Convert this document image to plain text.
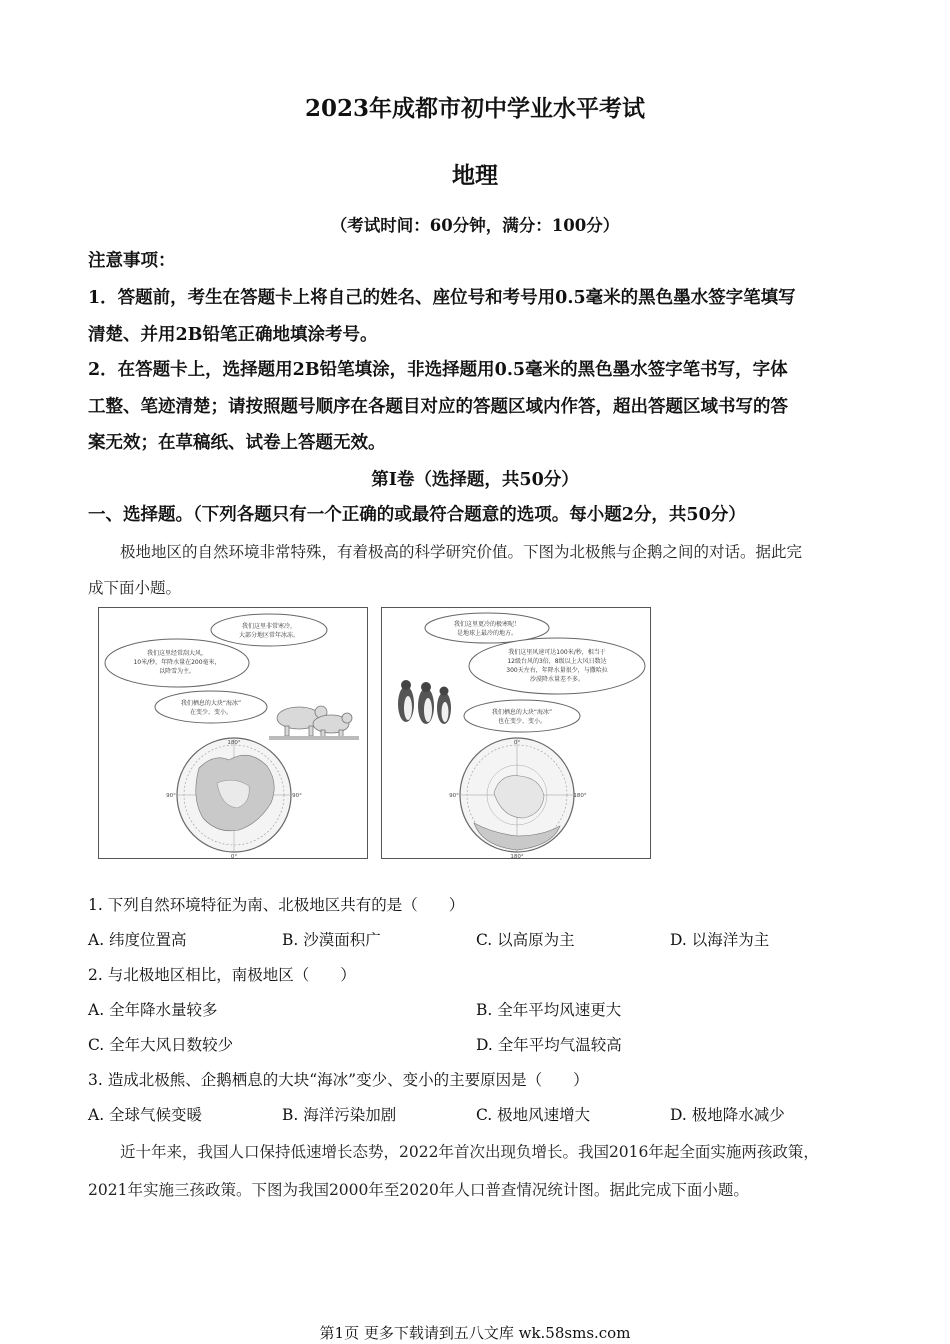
2023年成都市初中学业水平考试
地理
（考试时间：60分钟，满分：100分）
注意事项：
1．答题前，考生在答题卡上将自己的姓名、座位号和考号用0.5毫米的黑色墨水签字笔填写
清楚、并用2B铅笔正确地填涂考号。
2．在答题卡上，选择题用2B铅笔填涂，非选择题用0.5毫米的黑色墨水签字笔书写，字体
工整、笔迹清楚；请按照题号顺序在各题目对应的答题区域内作答，超出答题区域书写的答
案无效；在草稿纸、试卷上答题无效。
第Ⅰ卷（选择题，共50分）
一、选择题。（下列各题只有一个正确的或最符合题意的选项。每小题2分，共50分）
极地地区的自然环境非常特殊，有着极高的科学研究价值。下图为北极熊与企鹅之间的对话。据此完
成下面小题。
我们这里非常寒冷，
大部分地区常年冰冻。
我们这里经常刮大风，
10米/秒，年降水量在200毫米，
以降雪为主。
我们栖息的大块“海冰”
在变少、变小。
180°
90°	90°
0°
我们这里更冷的极寒呢！
是地球上最冷的地方。
我们这里风速可达100米/秒，相当于
12级台风的3倍，8级以上大风日数达
300天左右，年降水量很少，与撒哈拉
沙漠降水量差不多。
我们栖息的大块“海冰”
也在变少、变小。
0°
90°	180°
180°
1. 下列自然环境特征为南、北极地区共有的是（　　）
A. 纬度位置高	B. 沙漠面积广	C. 以高原为主	D. 以海洋为主
2. 与北极地区相比，南极地区（　　）
A. 全年降水量较多	B. 全年平均风速更大
C. 全年大风日数较少	D. 全年平均气温较高
3. 造成北极熊、企鹅栖息的大块“海冰”变少、变小的主要原因是（　　）
A. 全球气候变暖	B. 海洋污染加剧	C. 极地风速增大	D. 极地降水减少
近十年来，我国人口保持低速增长态势，2022年首次出现负增长。我国2016年起全面实施两孩政策，
2021年实施三孩政策。下图为我国2000年至2020年人口普查情况统计图。据此完成下面小题。
第1页 更多下载请到五八文库 wk.58sms.com
